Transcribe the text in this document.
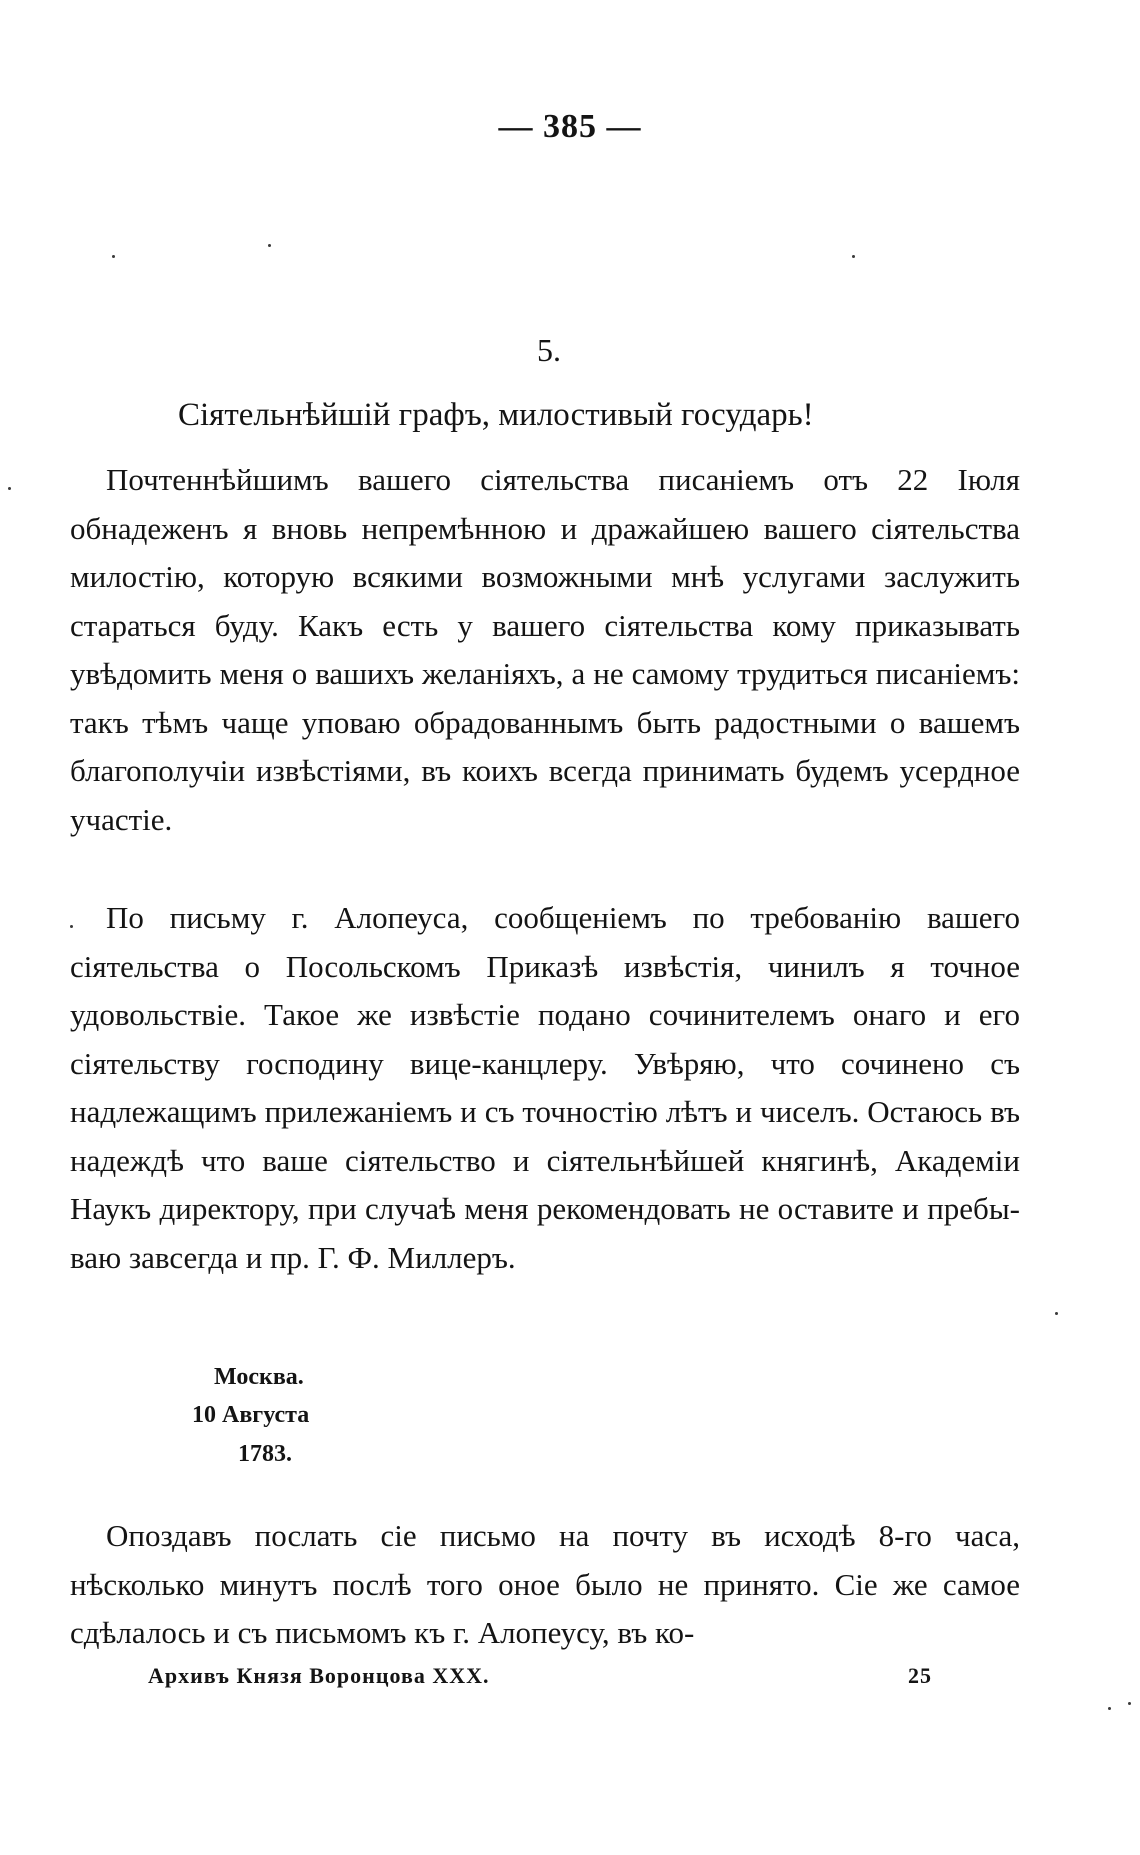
— 385 —
5.
Сіятельнѣйшій графъ, милостивый государь!

Почтеннѣйшимъ вашего сіятельства писаніемъ отъ 22 Іюля обнадеженъ я вновь непремѣнною и дражайшею вашего сіятельства милостію, которую всякими возможными мнѣ услугами заслужить стараться буду. Какъ есть у вашего сіятельства кому приказывать увѣдомить меня о вашихъ желаніяхъ, а не самому трудиться писаніемъ: такъ тѣмъ чаще уповаю обрадованнымъ быть радостными о вашемъ благополучіи извѣстіями, въ коихъ всегда принимать будемъ усердное участіе.

По письму г. Алопеуса, сообщеніемъ по требованію вашего сіятельства о Посольскомъ Приказѣ извѣстія, чинилъ я точное удовольствіе. Такое же извѣстіе подано сочинителемъ онаго и его сіятельству господину вице-канцлеру. Увѣряю, что сочинено съ надлежащимъ прилежаніемъ и съ точностію лѣтъ и чиселъ. Остаюсь въ надеждѣ что ваше сіятельство и сіятельнѣйшей княгинѣ, Академіи Наукъ директору, при случаѣ меня рекомендовать не оставите и пребываю завсегда и пр. Г. Ф. Миллеръ.

Москва.
10 Августа
1783.

Опоздавъ послать сіе письмо на почту въ исходѣ 8-го часа, нѣсколько минутъ послѣ того оное было не принято. Сіе же самое сдѣлалось и съ письмомъ къ г. Алопеусу, въ ко-

Архивъ Князя Воронцова XXX.	25
